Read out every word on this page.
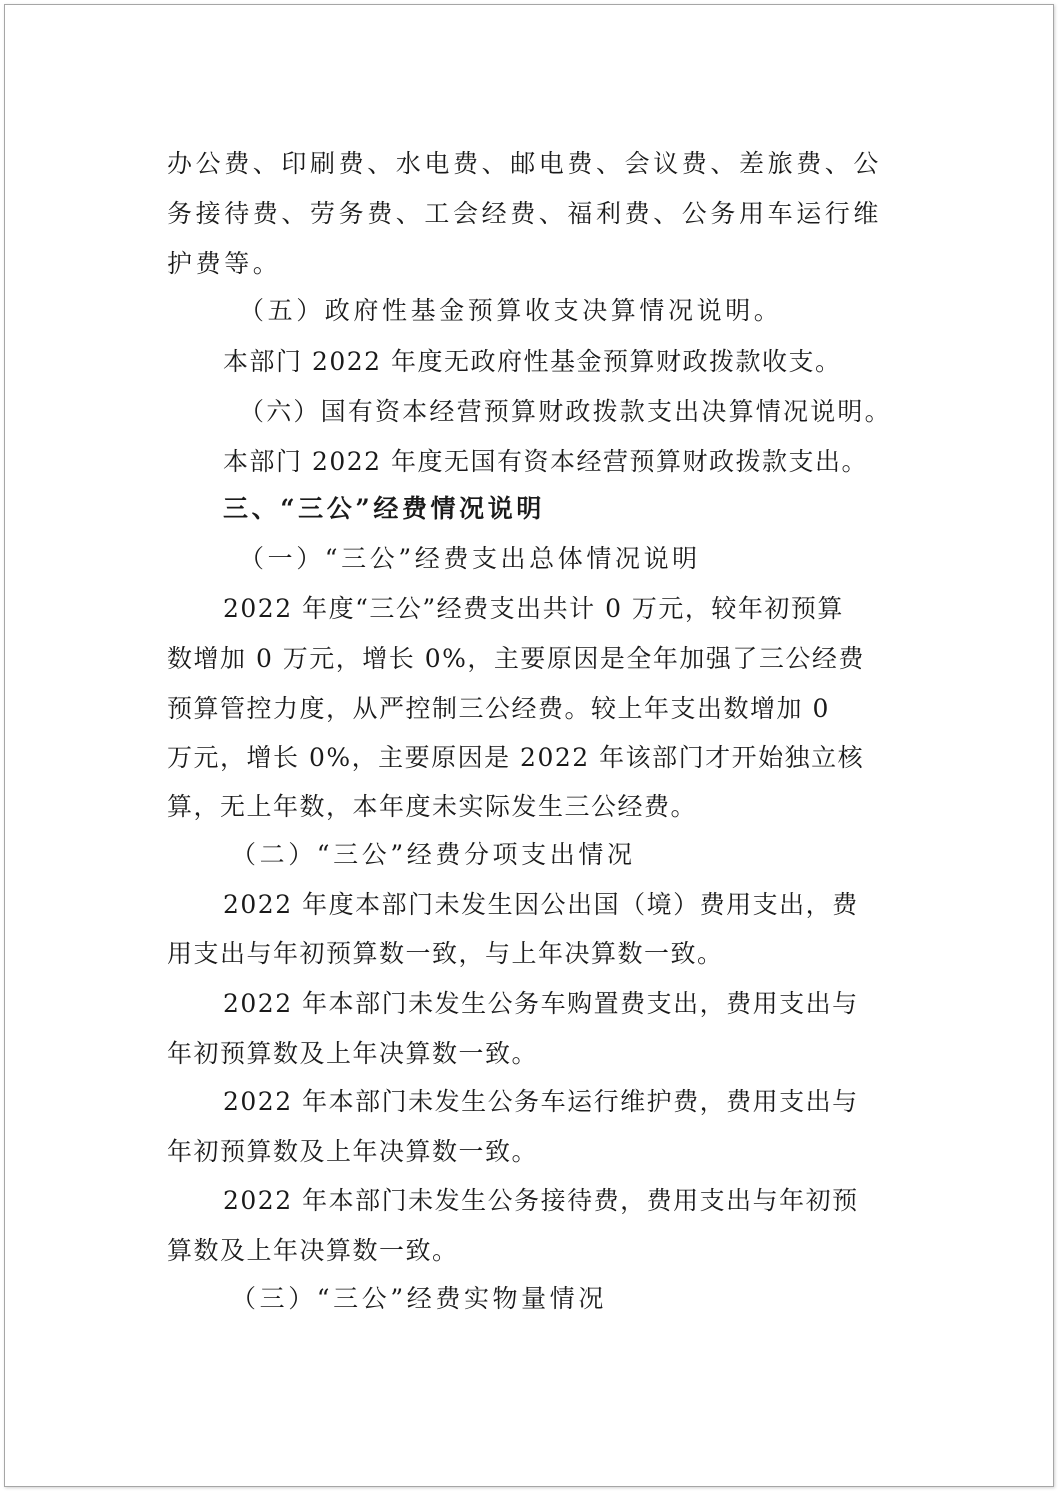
办公费、印刷费、水电费、邮电费、会议费、差旅费、公

务接待费、劳务费、工会经费、福利费、公务用车运行维

护费等。

（五）政府性基金预算收支决算情况说明。

本部门 2022 年度无政府性基金预算财政拨款收支。

（六）国有资本经营预算财政拨款支出决算情况说明。

本部门 2022 年度无国有资本经营预算财政拨款支出。

三、“三公”经费情况说明

（一）“三公”经费支出总体情况说明

2022 年度“三公”经费支出共计 0 万元，较年初预算

数增加 0 万元，增长 0%，主要原因是全年加强了三公经费

预算管控力度，从严控制三公经费。较上年支出数增加 0

万元，增长 0%，主要原因是 2022 年该部门才开始独立核

算，无上年数，本年度未实际发生三公经费。

（二）“三公”经费分项支出情况

2022 年度本部门未发生因公出国（境）费用支出，费

用支出与年初预算数一致，与上年决算数一致。

2022 年本部门未发生公务车购置费支出，费用支出与

年初预算数及上年决算数一致。

2022 年本部门未发生公务车运行维护费，费用支出与

年初预算数及上年决算数一致。

2022 年本部门未发生公务接待费，费用支出与年初预

算数及上年决算数一致。

（三）“三公”经费实物量情况
